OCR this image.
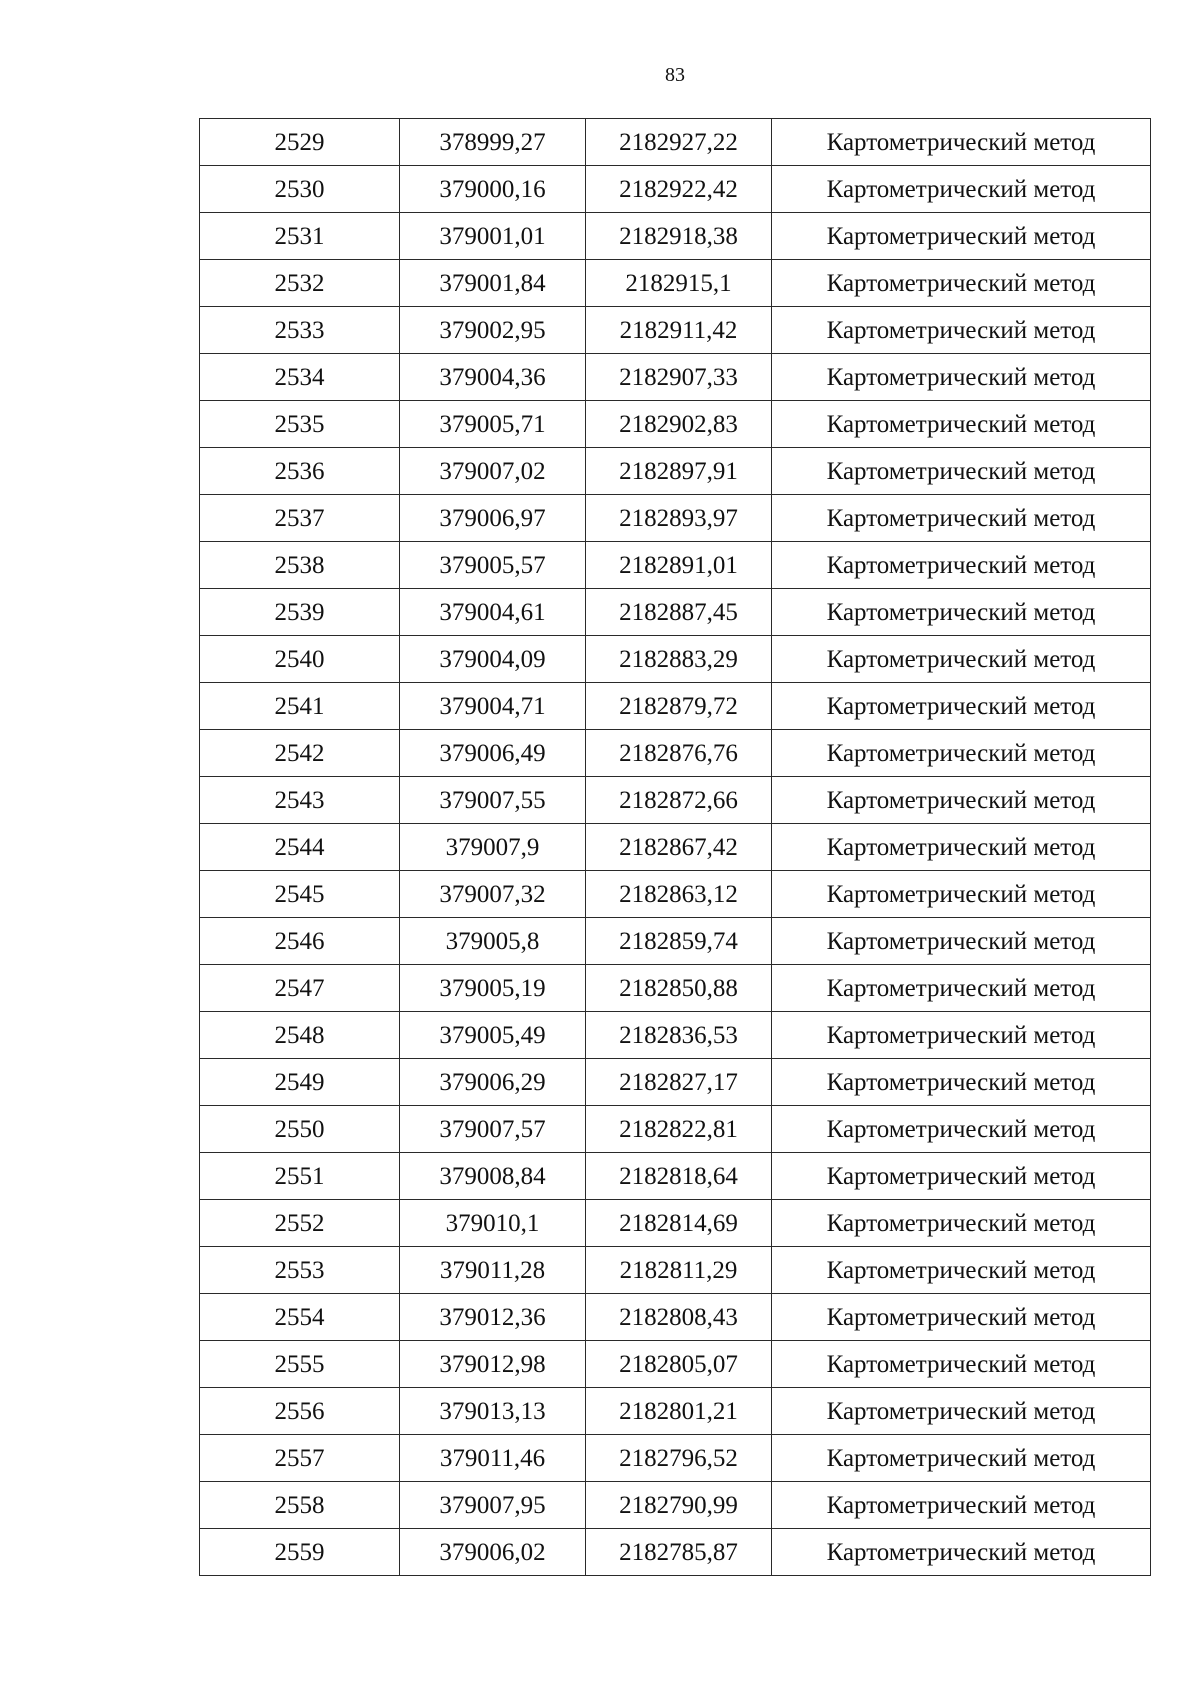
83
2529	378999,27	2182927,22	Картометрический метод
2530	379000,16	2182922,42	Картометрический метод
2531	379001,01	2182918,38	Картометрический метод
2532	379001,84	2182915,1	Картометрический метод
2533	379002,95	2182911,42	Картометрический метод
2534	379004,36	2182907,33	Картометрический метод
2535	379005,71	2182902,83	Картометрический метод
2536	379007,02	2182897,91	Картометрический метод
2537	379006,97	2182893,97	Картометрический метод
2538	379005,57	2182891,01	Картометрический метод
2539	379004,61	2182887,45	Картометрический метод
2540	379004,09	2182883,29	Картометрический метод
2541	379004,71	2182879,72	Картометрический метод
2542	379006,49	2182876,76	Картометрический метод
2543	379007,55	2182872,66	Картометрический метод
2544	379007,9	2182867,42	Картометрический метод
2545	379007,32	2182863,12	Картометрический метод
2546	379005,8	2182859,74	Картометрический метод
2547	379005,19	2182850,88	Картометрический метод
2548	379005,49	2182836,53	Картометрический метод
2549	379006,29	2182827,17	Картометрический метод
2550	379007,57	2182822,81	Картометрический метод
2551	379008,84	2182818,64	Картометрический метод
2552	379010,1	2182814,69	Картометрический метод
2553	379011,28	2182811,29	Картометрический метод
2554	379012,36	2182808,43	Картометрический метод
2555	379012,98	2182805,07	Картометрический метод
2556	379013,13	2182801,21	Картометрический метод
2557	379011,46	2182796,52	Картометрический метод
2558	379007,95	2182790,99	Картометрический метод
2559	379006,02	2182785,87	Картометрический метод
